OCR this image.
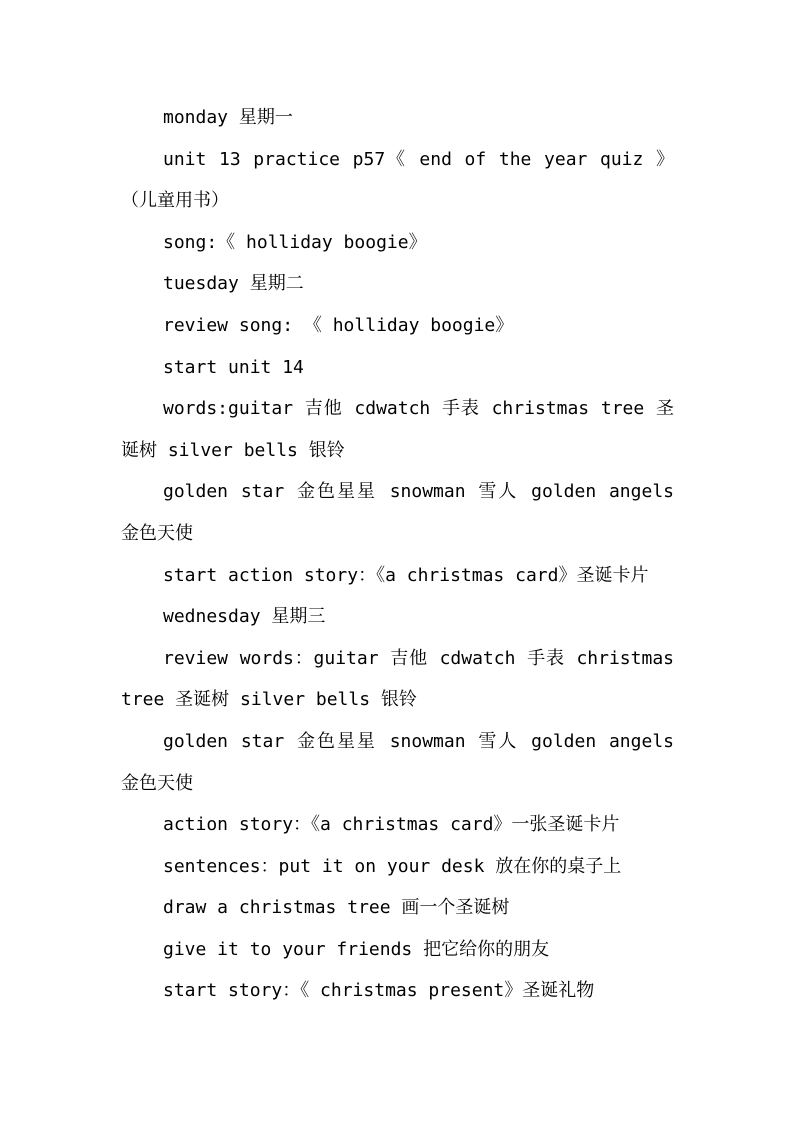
monday 星期一

unit 13 practice p57《 end of the year quiz 》（儿童用书）

song:《 holliday boogie》

tuesday 星期二

review song: 《 holliday boogie》

start unit 14

words:guitar 吉他 cdwatch 手表 christmas tree 圣诞树 silver bells 银铃

golden star 金色星星 snowman 雪人 golden angels 金色天使

start action story：《a christmas card》圣诞卡片

wednesday 星期三

review words：guitar 吉他 cdwatch 手表 christmas tree 圣诞树 silver bells 银铃

golden star 金色星星 snowman 雪人 golden angels 金色天使

action story：《a christmas card》一张圣诞卡片

sentences：put it on your desk 放在你的桌子上

draw a christmas tree 画一个圣诞树

give it to your friends 把它给你的朋友

start story：《 christmas present》圣诞礼物
